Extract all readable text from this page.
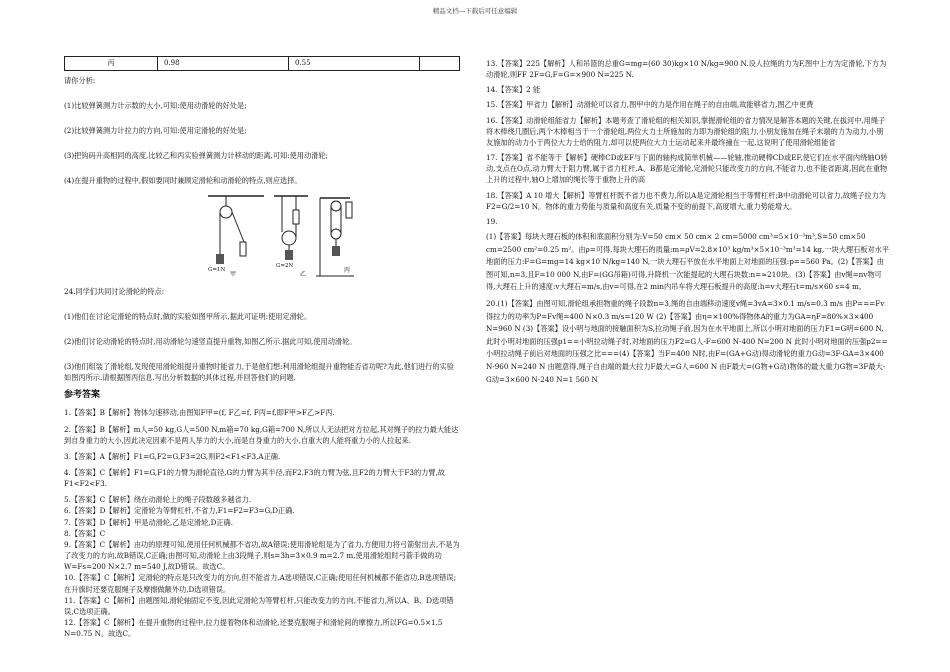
精品文档---下载后可任意编辑
丙	0.98	0.55	

请你分析:

(1)比较弹簧测力计示数的大小,可知:使用动滑轮的好处是;

(2)比较弹簧测力计拉力的方向,可知:使用定滑轮的好处是;

(3)把钩码升高相同的高度,比较乙和丙实验弹簧测力计移动的距离,可知:使用动滑轮;

(4)在提升重物的过程中,假如要同时兼顾定滑轮和动滑轮的特点,则应选择。

G=1N
G=2N
甲	乙
丙

24.同学们共同讨论滑轮的特点:

(1)他们在讨论定滑轮的特点时,做的实验如图甲所示,据此可证明:使用定滑轮。

(2)他们讨论动滑轮的特点时,用动滑轮匀速竖直提升重物,如图乙所示.据此可知,使用动滑轮。

(3)他们组装了滑轮组,发现使用滑轮组提升重物时能省力,于是他们想:利用滑轮组提升重物能否省功呢?为此,他们进行的实验如图丙所示.请根据图丙信息.写出分析数据的具体过程,并回答他们的问题.

参考答案

1.【答案】B【解析】物体匀速移动,由图知F甲=(f, F乙=f, F丙=f,即F甲>F乙>F丙.

2.【答案】B【解析】m人=50 kg,G人=500 N,m箱=70 kg,G箱=700 N,所以人无法把对方拉起,其对绳子的拉力最大能达到自身重力的大小,因此决定因素不是两人举力的大小,而是自身重力的大小,自重大的人能将重力小的人拉起来.

3.【答案】A【解析】F1=G,F2=G,F3=2G,则F2<F1<F3,A正确.

4.【答案】C【解析】F1=G,F1的力臂为滑轮直径,G的力臂为其半径,而F2,F3的力臂为弦,且F2的力臂大于F3的力臂,故F1<F2<F3.

5.【答案】C【解析】绕在动滑轮上的绳子段数越多越省力.

6.【答案】D【解析】定滑轮为等臂杠杆,不省力,F1=F2=F3=G,D正确.

7.【答案】D【解析】甲是动滑轮,乙是定滑轮,D正确.

8.【答案】C

9.【答案】C【解析】由功的原理可知,使用任何机械都不省功,故A错误;使用滑轮组是为了省力,方便用力将弓箭射出去,不是为了改变力的方向,故B错误,C正确;由图可知,动滑轮上由3段绳子,则s=3h=3×0.9 m=2.7 m,使用滑轮组时弓箭手做的功W=Fs=200 N×2.7 m=540 J,故D错误。故选C。

10.【答案】C【解析】定滑轮的特点是只改变力的方向,但不能省力,A选项错误,C正确;使用任何机械都不能省功,B选项错误;在升旗时还要克服绳子及摩擦做额外功,D选项错误。

11.【答案】C【解析】由题图知,滑轮轴固定不变,因此定滑轮为等臂杠杆,只能改变力的方向,不能省力,所以A、B、D选项错误,C选项正确。

12.【答案】C【解析】在提升重物的过程中,拉力提着物体和动滑轮,还要克服绳子和滑轮间的摩擦力,所以FG=0.5×1.5 N=0.75 N。故选C。

13.【答案】225【解析】人和吊篮的总重G=mg=(60 30)kg×10 N/kg=900 N.设人拉绳的力为F,图中上方为定滑轮,下方为动滑轮,则FF 2F=G,F=G=×900 N=225 N.

14.【答案】2 能

15.【答案】甲省力【解析】动滑轮可以省力,图甲中的力是作用在绳子的自由端,故能够省力,图乙中更费

16.【答案】动滑轮组能省力【解析】本题考查了滑轮组的相关知识,掌握滑轮组的省力情况是解答本题的关键,在拔河中,用绳子将木棒绕几圈后,两个木棒相当于一个滑轮组,两位大力士所施加的力即为滑轮组的阻力,小朋友施加在绳子末端的力为动力,小朋友施加的动力小于两位大力士给的阻力,却可以使两位大力士运动起来并最终撞在一起,这说明了使用滑轮组能省

17.【答案】省不能等于【解析】硬棒CD或EF与下面的轴构成简单机械——轮轴,推动硬棒CD或EF,使它们在水平面内绕轴O转动,支点在O点,动力臂大于阻力臂,属于省力杠杆,A、B都是定滑轮,定滑轮只能改变力的方向,不能省力,也不能省距离,因此在重物上升的过程中,轴O上增加的绳长等于重物上升的高

18.【答案】A 10 增大【解析】等臂杠杆既不省力也不费力,所以A是定滑轮相当于等臂杠杆;B中动滑轮可以省力,故绳子拉力为F2=G/2=10 N。物体的重力势能与质量和高度有关,质量不变的前提下,高度增大,重力势能增大。

19.

(1)【答案】每块大理石板的体积和底面积分别为:V=50 cm× 50 cm× 2 cm=5000 cm³=5×10⁻³m³,S=50 cm×50 cm=2500 cm²=0.25 m²。由ρ=可得,每块大理石的质量:m=ρV=2.8×10³ kg/m³×5×10⁻³m³=14 kg,一块大理石板对水平地面的压力:F=G=mg=14 kg×10 N/kg=140 N,一块大理石平放在水平地面上对地面的压强:p==560 Pa。(2)【答案】由图可知,n=3,且F=10 000 N,由F=(GG吊箱)可得,升降机一次能提起的大理石块数:n=≈210块。(3)【答案】由v绳=nv物可得,大理石上升的速度:v大理石=m/s,由v=可得,在2 min内吊车将大理石板提升的高度:h=v大理石t=m/s×60 s=4 m。

20.(1)【答案】由图可知,滑轮组承担物重的绳子段数n=3,绳的自由端移动速度v绳=3vA=3×0.1 m/s=0.3 m/s 由P===Fv得拉力的功率为P=Fv绳=400 N×0.3 m/s=120 W (2)【答案】由η=×100%得物体A的重力为GA=ηF=80%×3×400 N=960 N (3)【答案】设小明与地面的接触面积为S,拉动绳子前,因为在水平地面上,所以小明对地面的压力F1=G明=600 N,此时小明对地面的压强p1==小明拉动绳子时,对地面的压力F2=G人-F=600 N-400 N=200 N 此时小明对地面的压强p2==小明拉动绳子前后对地面的压强之比===(4)【答案】当F=400 N时,由F=(GA+G动)得动滑轮的重力G动=3F-GA=3×400 N-960 N=240 N 由题意得,绳子自由端的最大拉力F最大=G人=600 N 由F最大=(G物+G动)物体的最大重力G物=3F最大-G动=3×600 N-240 N=1 560 N
